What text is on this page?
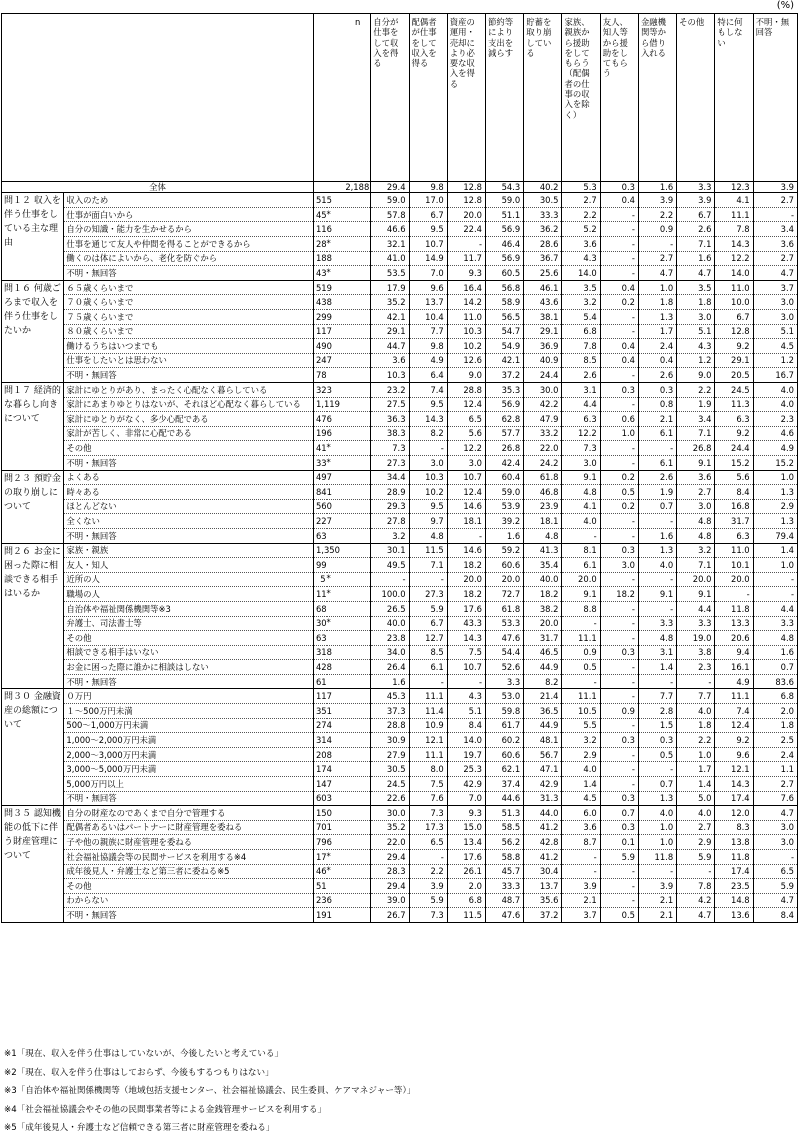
(%)
		n		自分が仕事をして収入を得る	配偶者が仕事をして収入を得る	資産の運用・売却により必要な収入を得る	節約等により支出を減らす	貯蓄を取り崩している	家族、親族から援助をしてもらう（配偶者の仕事の収入を除く）	友人、知人等から援助をしてもらう	金融機関等から借り入れる	その他	特に何もしない	不明・無回答
全体		2,188		29.4	9.8	12.8	54.3	40.2	5.3	0.3	1.6	3.3	12.3	3.9
問１２ 収入を伴う仕事をしている主な理由	収入のため	515		59.0	17.0	12.8	59.0	30.5	2.7	0.4	3.9	3.9	4.1	2.7
	仕事が面白いから	45	*	57.8	6.7	20.0	51.1	33.3	2.2	-	2.2	6.7	11.1	-
	自分の知識・能力を生かせるから	116		46.6	9.5	22.4	56.9	36.2	5.2	-	0.9	2.6	7.8	3.4
	仕事を通じて友人や仲間を得ることができるから	28	*	32.1	10.7	-	46.4	28.6	3.6	-	-	7.1	14.3	3.6
	働くのは体によいから、老化を防ぐから	188		41.0	14.9	11.7	56.9	36.7	4.3	-	2.7	1.6	12.2	2.7
	不明・無回答	43	*	53.5	7.0	9.3	60.5	25.6	14.0	-	4.7	4.7	14.0	4.7
問１６ 何歳ごろまで収入を伴う仕事をしたいか	６５歳くらいまで	519		17.9	9.6	16.4	56.8	46.1	3.5	0.4	1.0	3.5	11.0	3.7
	７０歳くらいまで	438		35.2	13.7	14.2	58.9	43.6	3.2	0.2	1.8	1.8	10.0	3.0
	７５歳くらいまで	299		42.1	10.4	11.0	56.5	38.1	5.4	-	1.3	3.0	6.7	3.0
	８０歳くらいまで	117		29.1	7.7	10.3	54.7	29.1	6.8	-	1.7	5.1	12.8	5.1
	働けるうちはいつまでも	490		44.7	9.8	10.2	54.9	36.9	7.8	0.4	2.4	4.3	9.2	4.5
	仕事をしたいとは思わない	247		3.6	4.9	12.6	42.1	40.9	8.5	0.4	0.4	1.2	29.1	1.2
	不明・無回答	78		10.3	6.4	9.0	37.2	24.4	2.6	-	2.6	9.0	20.5	16.7
問１７ 経済的な暮らし向きについて	家計にゆとりがあり、まったく心配なく暮らしている	323		23.2	7.4	28.8	35.3	30.0	3.1	0.3	0.3	2.2	24.5	4.0
	家計にあまりゆとりはないが、それほど心配なく暮らしている	1,119		27.5	9.5	12.4	56.9	42.2	4.4	-	0.8	1.9	11.3	4.0
	家計にゆとりがなく、多少心配である	476		36.3	14.3	6.5	62.8	47.9	6.3	0.6	2.1	3.4	6.3	2.3
	家計が苦しく、非常に心配である	196		38.3	8.2	5.6	57.7	33.2	12.2	1.0	6.1	7.1	9.2	4.6
	その他	41	*	7.3	-	12.2	26.8	22.0	7.3	-	-	26.8	24.4	4.9
	不明・無回答	33	*	27.3	3.0	3.0	42.4	24.2	3.0	-	6.1	9.1	15.2	15.2
問２３ 預貯金の取り崩しについて	よくある	497		34.4	10.3	10.7	60.4	61.8	9.1	0.2	2.6	3.6	5.6	1.0
	時々ある	841		28.9	10.2	12.4	59.0	46.8	4.8	0.5	1.9	2.7	8.4	1.3
	ほとんどない	560		29.3	9.5	14.6	53.9	23.9	4.1	0.2	0.7	3.0	16.8	2.9
	全くない	227		27.8	9.7	18.1	39.2	18.1	4.0	-	-	4.8	31.7	1.3
	不明・無回答	63		3.2	4.8	-	1.6	4.8	-	-	1.6	4.8	6.3	79.4
問２６ お金に困った際に相談できる相手はいるか	家族・親族	1,350		30.1	11.5	14.6	59.2	41.3	8.1	0.3	1.3	3.2	11.0	1.4
	友人・知人	99		49.5	7.1	18.2	60.6	35.4	6.1	3.0	4.0	7.1	10.1	1.0
	近所の人	5	*	-	-	20.0	20.0	40.0	20.0	-	-	20.0	20.0	-
	職場の人	11	*	100.0	27.3	18.2	72.7	18.2	9.1	18.2	9.1	9.1	-	-
	自治体や福祉関係機関等※3	68		26.5	5.9	17.6	61.8	38.2	8.8	-	-	4.4	11.8	4.4
	弁護士、司法書士等	30	*	40.0	6.7	43.3	53.3	20.0	-	-	3.3	3.3	13.3	3.3
	その他	63		23.8	12.7	14.3	47.6	31.7	11.1	-	4.8	19.0	20.6	4.8
	相談できる相手はいない	318		34.0	8.5	7.5	54.4	46.5	0.9	0.3	3.1	3.8	9.4	1.6
	お金に困った際に誰かに相談はしない	428		26.4	6.1	10.7	52.6	44.9	0.5	-	1.4	2.3	16.1	0.7
	不明・無回答	61		1.6	-	-	3.3	8.2	-	-	-	-	4.9	83.6
問３０ 金融資産の総額について	０万円	117		45.3	11.1	4.3	53.0	21.4	11.1	-	7.7	7.7	11.1	6.8
	１～500万円未満	351		37.3	11.4	5.1	59.8	36.5	10.5	0.9	2.8	4.0	7.4	2.0
	500～1,000万円未満	274		28.8	10.9	8.4	61.7	44.9	5.5	-	1.5	1.8	12.4	1.8
	1,000～2,000万円未満	314		30.9	12.1	14.0	60.2	48.1	3.2	0.3	0.3	2.2	9.2	2.5
	2,000～3,000万円未満	208		27.9	11.1	19.7	60.6	56.7	2.9	-	0.5	1.0	9.6	2.4
	3,000～5,000万円未満	174		30.5	8.0	25.3	62.1	47.1	4.0	-	-	1.7	12.1	1.1
	5,000万円以上	147		24.5	7.5	42.9	37.4	42.9	1.4	-	0.7	1.4	14.3	2.7
	不明・無回答	603		22.6	7.6	7.0	44.6	31.3	4.5	0.3	1.3	5.0	17.4	7.6
問３５ 認知機能の低下に伴う財産管理について	自分の財産なのであくまで自分で管理する	150		30.0	7.3	9.3	51.3	44.0	6.0	0.7	4.0	4.0	12.0	4.7
	配偶者あるいはパートナーに財産管理を委ねる	701		35.2	17.3	15.0	58.5	41.2	3.6	0.3	1.0	2.7	8.3	3.0
	子や他の親族に財産管理を委ねる	796		22.0	6.5	13.4	56.2	42.8	8.7	0.1	1.0	2.9	13.8	3.0
	社会福祉協議会等の民間サービスを利用する※4	17	*	29.4	-	17.6	58.8	41.2	-	5.9	11.8	5.9	11.8	-
	成年後見人・弁護士など第三者に委ねる※5	46	*	28.3	2.2	26.1	45.7	30.4	-	-	-	-	17.4	6.5
	その他	51		29.4	3.9	2.0	33.3	13.7	3.9	-	3.9	7.8	23.5	5.9
	わからない	236		39.0	5.9	6.8	48.7	35.6	2.1	-	2.1	4.2	14.8	4.7
	不明・無回答	191		26.7	7.3	11.5	47.6	37.2	3.7	0.5	2.1	4.7	13.6	8.4
※1「現在、収入を伴う仕事はしていないが、今後したいと考えている」
※2「現在、収入を伴う仕事はしておらず、今後もするつもりはない」
※3「自治体や福祉関係機関等（地域包括支援センター、社会福祉協議会、民生委員、ケアマネジャー等）」
※4「社会福祉協議会やその他の民間事業者等による金銭管理サービスを利用する」
※5「成年後見人・弁護士など信頼できる第三者に財産管理を委ねる」
